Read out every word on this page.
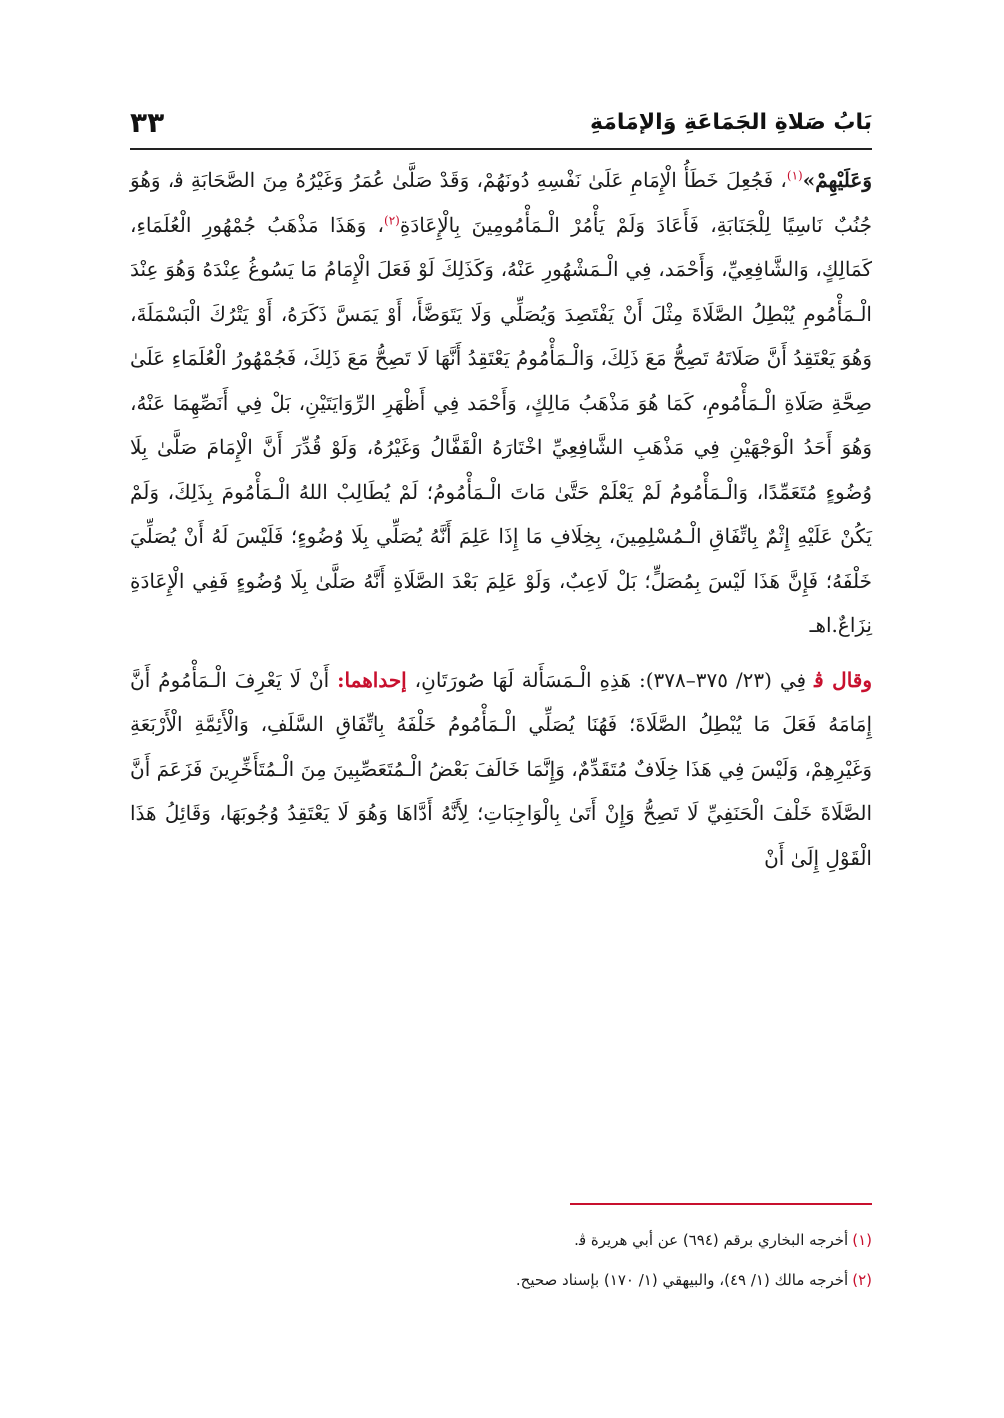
بَابُ صَلاةِ الجَمَاعَةِ وَالإمَامَةِ
٣٣

وَعَلَيْهِمْ»$^{(١)}$، فَجُعِلَ خَطَأُ الْإِمَامِ عَلَىٰ نَفْسِهِ دُونَهُمْ، وَقَدْ صَلَّىٰ عُمَرُ وَغَيْرُهُ مِنَ الصَّحَابَةِ ﭬ، وَهُوَ جُنُبٌ نَاسِيًا لِلْجَنَابَةِ، فَأَعَادَ وَلَمْ يَأْمُرْ الْـمَأْمُومِينَ بِالْإِعَادَةِ$^{(٢)}$، وَهَذَا مَذْهَبُ جُمْهُورِ الْعُلَمَاءِ، كَمَالِكٍ، وَالشَّافِعِيِّ، وَأَحْمَد، فِي الْـمَشْهُورِ عَنْهُ، وَكَذَلِكَ لَوْ فَعَلَ الْإِمَامُ مَا يَسُوغُ عِنْدَهُ وَهُوَ عِنْدَ الْـمَأْمُومِ يُبْطِلُ الصَّلَاةَ مِثْلَ أَنْ يَفْتَصِدَ وَيُصَلِّي وَلَا يَتَوَضَّأَ، أَوْ يَمَسَّ ذَكَرَهُ، أَوْ يَتْرُكَ الْبَسْمَلَةَ، وَهُوَ يَعْتَقِدُ أَنَّ صَلَاتَهُ تَصِحُّ مَعَ ذَلِكَ، وَالْـمَأْمُومُ يَعْتَقِدُ أَنَّهَا لَا تَصِحُّ مَعَ ذَلِكَ، فَجُمْهُورُ الْعُلَمَاءِ عَلَىٰ صِحَّةِ صَلَاةِ الْـمَأْمُومِ، كَمَا هُوَ مَذْهَبُ مَالِكٍ، وَأَحْمَد فِي أَظْهَرِ الرِّوَايَتَيْنِ، بَلْ فِي أَنَصِّهِمَا عَنْهُ، وَهُوَ أَحَدُ الْوَجْهَيْنِ فِي مَذْهَبِ الشَّافِعِيِّ اخْتَارَهُ الْقَفَّالُ وَغَيْرُهُ، وَلَوْ قُدِّرَ أَنَّ الْإِمَامَ صَلَّىٰ بِلَا وُضُوءٍ مُتَعَمِّدًا، وَالْـمَأْمُومُ لَمْ يَعْلَمْ حَتَّىٰ مَاتَ الْـمَأْمُومُ؛ لَمْ يُطَالِبْ اللهُ الْـمَأْمُومَ بِذَلِكَ، وَلَمْ يَكُنْ عَلَيْهِ إِثْمٌ بِاتِّفَاقِ الْـمُسْلِمِينَ، بِخِلَافِ مَا إِذَا عَلِمَ أَنَّهُ يُصَلِّي بِلَا وُضُوءٍ؛ فَلَيْسَ لَهُ أَنْ يُصَلِّيَ خَلْفَهُ؛ فَإِنَّ هَذَا لَيْسَ بِمُصَلٍّ؛ بَلْ لَاعِبٌ، وَلَوْ عَلِمَ بَعْدَ الصَّلَاةِ أَنَّهُ صَلَّىٰ بِلَا وُضُوءٍ فَفِي الْإِعَادَةِ نِزَاعٌ.اهـ

وقال ﭬ فِي (٢٣/ ٣٧٥–٣٧٨): هَذِهِ الْـمَسَأَلة لَهَا صُورَتَانِ، إحداهما: أَنْ لَا يَعْرِفَ الْـمَأْمُومُ أَنَّ إِمَامَهُ فَعَلَ مَا يُبْطِلُ الصَّلَاةَ؛ فَهُنَا يُصَلِّي الْـمَأْمُومُ خَلْفَهُ بِاتِّفَاقِ السَّلَفِ، وَالْأَئِمَّةِ الْأَرْبَعَةِ وَغَيْرِهِمْ، وَلَيْسَ فِي هَذَا خِلَافٌ مُتَقَدِّمٌ، وَإِنَّمَا خَالَفَ بَعْضُ الْـمُتَعَصِّبِينَ مِنَ الْـمُتَأَخِّرِينَ فَزَعَمَ أَنَّ الصَّلَاةَ خَلْفَ الْحَنَفِيِّ لَا تَصِحُّ وَإِنْ أَتَىٰ بِالْوَاجِبَاتِ؛ لِأَنَّهُ أَدَّاهَا وَهُوَ لَا يَعْتَقِدُ وُجُوبَهَا، وَقَائِلُ هَذَا الْقَوْلِ إِلَىٰ أَنْ

(١)أخرجه البخاري برقم (٦٩٤) عن أبي هريرة ﭬ.

(٢)أخرجه مالك (١/ ٤٩)، والبيهقي (١/ ١٧٠) بإسناد صحيح.
